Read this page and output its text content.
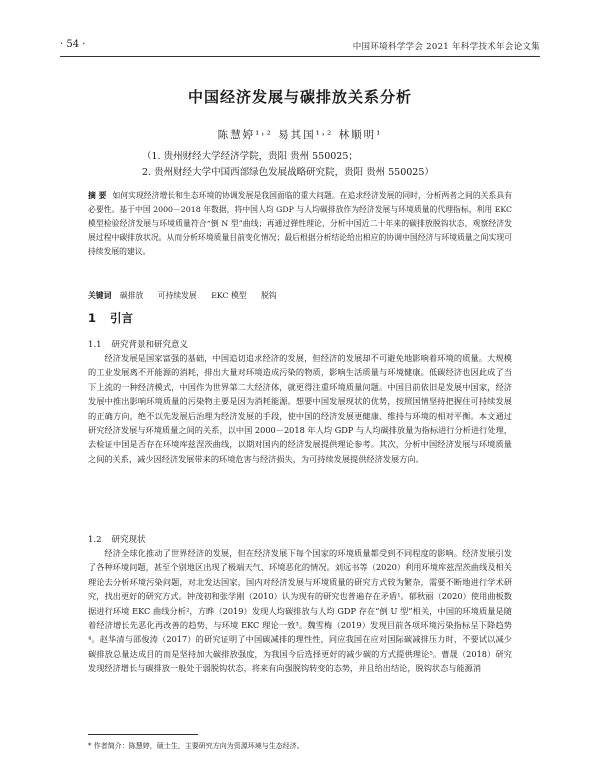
· 54 ·	中国环境科学学会 2021 年科学技术年会论文集
中国经济发展与碳排放关系分析
陈慧婷¹˒² 易其国¹˒² 林顺明¹
（1. 贵州财经大学经济学院，贵阳 贵州 550025；
2. 贵州财经大学中国西部绿色发展战略研究院，贵阳 贵州 550025）
摘 要 如何实现经济增长和生态环境的协调发展是我国面临的重大问题。在追求经济发展的同时，分析两者之间的关系具有必要性。基于中国 2000－2018 年数据，将中国人均 GDP 与人均碳排放作为经济发展与环境质量的代理指标，利用 EKC 模型检验经济发展与环境质量符合“倒 N 型”曲线；再通过弹性理论，分析中国近二十年来的碳排放脱钩状态，观察经济发展过程中碳排放状况。从而分析环境质量目前变化情况；最后根据分析结论给出相应的协调中国经济与环境质量之间实现可持续发展的建议。
关键词 碳排放 可持续发展 EKC 模型 脱钩
1 引言
1.1 研究背景和研究意义

经济发展是国家富强的基础，中国追切追求经济的发展，但经济的发展却不可避免地影响着环境的质量。大规模的工业发展离不开能源的消耗，排出大量对环境造成污染的物质，影响生活质量与环境健康。低碳经济也因此成了当下上流的一种经济模式，中国作为世界第二大经济体，就更得注重环境质量问题。中国目前依旧是发展中国家，经济发展中推出影响环境质量的污染物主要是因为消耗能源。想要中国发展现状的优势，按照国情坚持把握住可持续发展的正确方向，绝不以先发展后治理为经济发展的手段，使中国的经济发展更健康、维持与环境的相对平衡。本文通过研究经济发展与环境质量之间的关系，以中国 2000－2018 年人均 GDP 与人均碳排放量为指标进行分析进行处理，去检证中国是否存在环境库兹涅茨曲线，以期对国内的经济发展提供理论参考。其次，分析中国经济发展与环境质量之间的关系，减少因经济发展带来的环境危害与经济损失，为可持续发展提供经济发展方向。

1.2 研究现状

经济全球化推动了世界经济的发展，但在经济发展下每个国家的环境质量都受到不同程度的影响。经济发展引发了各种环境问题，甚至个别地区出现了极端天气、环境恶化的情况。刘远书等（2020）利用环境库兹涅茨曲线及相关理论去分析环境污染问题，对北发达国家，国内对经济发展与环境质量的研究方式较为繁杂，需要不断地进行学术研究，找出更好的研究方式。钟茂初和张学刚（2010）认为现有的研究也普遍存在矛盾¹。郁秋丽（2020）使用曲板数据进行环境 EKC 曲线分析²，方晔（2019）发现人均碳排放与人均 GDP 存在“倒 U 型”相关，中国的环境质量是随着经济增长先恶化再改善的趋势，与环境 EKC 理论一致³。魏雪梅（2019）发现目前各项环境污染指标呈下降趋势⁴。赵华清与邵俊涛（2017）的研究证明了中国碳减排的理性性，同应我国在应对国际碳减排压力时，不要试以减少碳排放总量达成目的而是坚持加大碳排放强度，为我国今后选择更好的减少碳的方式提供理论⁵。曹晟（2018）研究发现经济增长与碳排放一般处于弱脱钩状态，将来有向强脱钩转变的态势，并且给出结论，脱钩状态与能源消

* 作者简介：陈慧婷，硕士生，主要研究方向为资源环境与生态经济。
